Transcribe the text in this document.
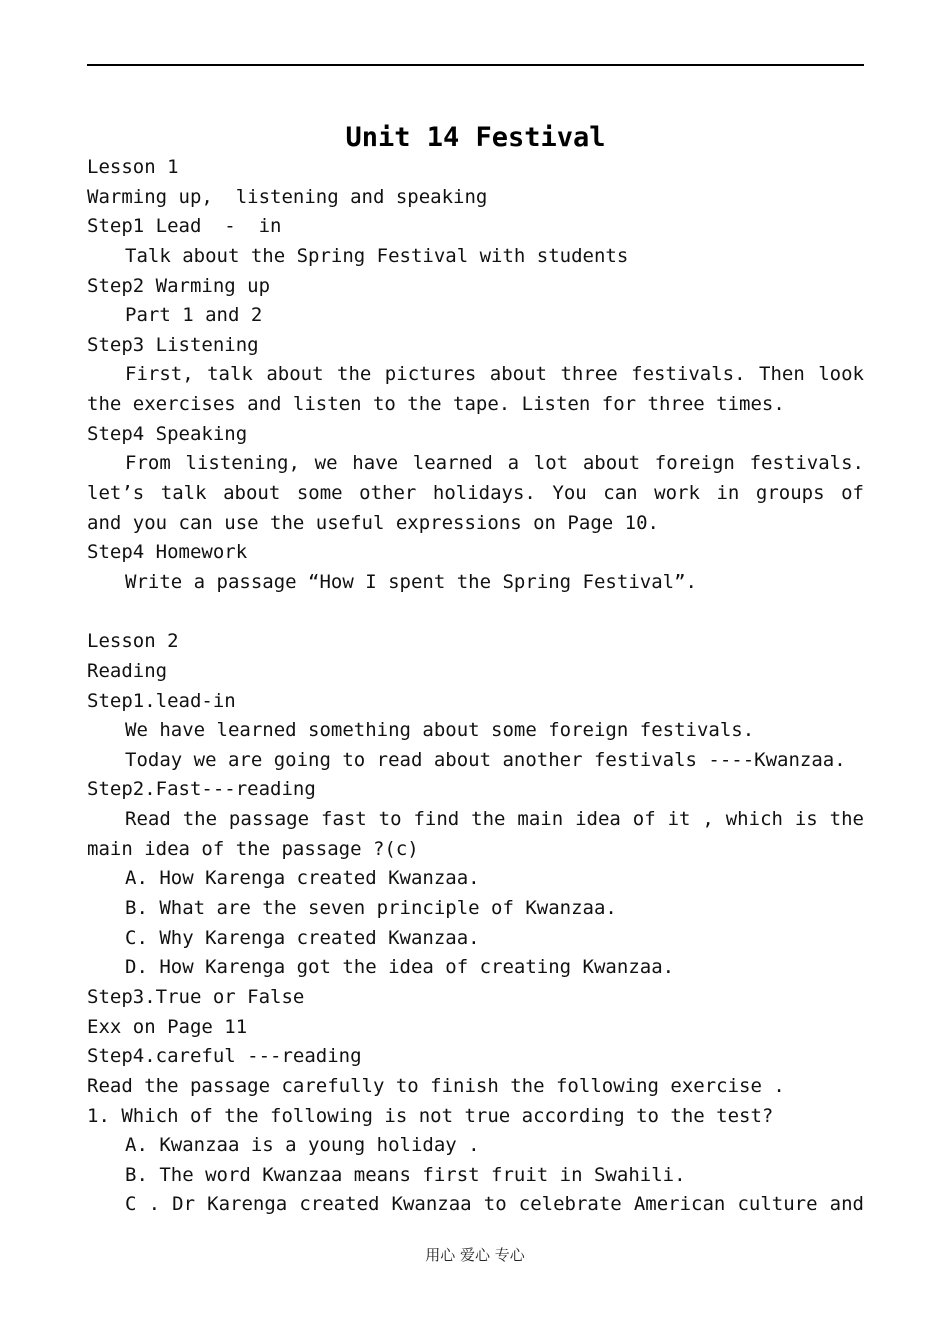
Unit 14 Festival
Lesson 1
Warming up,  listening and speaking
Step1 Lead  -  in
Talk about the Spring Festival with students
Step2 Warming up
Part 1 and 2
Step3 Listening
First, talk about the pictures about three festivals. Then look
the exercises and listen to the tape. Listen for three times.
Step4 Speaking
From listening, we have learned a lot about foreign festivals.
let’s talk about some other holidays. You can work in groups of
and you can use the useful expressions on Page 10.
Step4 Homework
Write a passage “How I spent the Spring Festival”.
Lesson 2
Reading
Step1.lead-in
We have learned something about some foreign festivals.
Today we are going to read about another festivals ----Kwanzaa.
Step2.Fast---reading
Read the passage fast to find the main idea of it , which is the
main idea of the passage ?(c)
A. How Karenga created Kwanzaa.
B. What are the seven principle of Kwanzaa.
C. Why Karenga created Kwanzaa.
D. How Karenga got the idea of creating Kwanzaa.
Step3.True or False
Exx on Page 11
Step4.careful ---reading
Read the passage carefully to finish the following exercise .
1. Which of the following is not true according to the test?
A. Kwanzaa is a young holiday .
B. The word Kwanzaa means first fruit in Swahili.
C . Dr Karenga created Kwanzaa to celebrate American culture and
用心 爱心 专心
